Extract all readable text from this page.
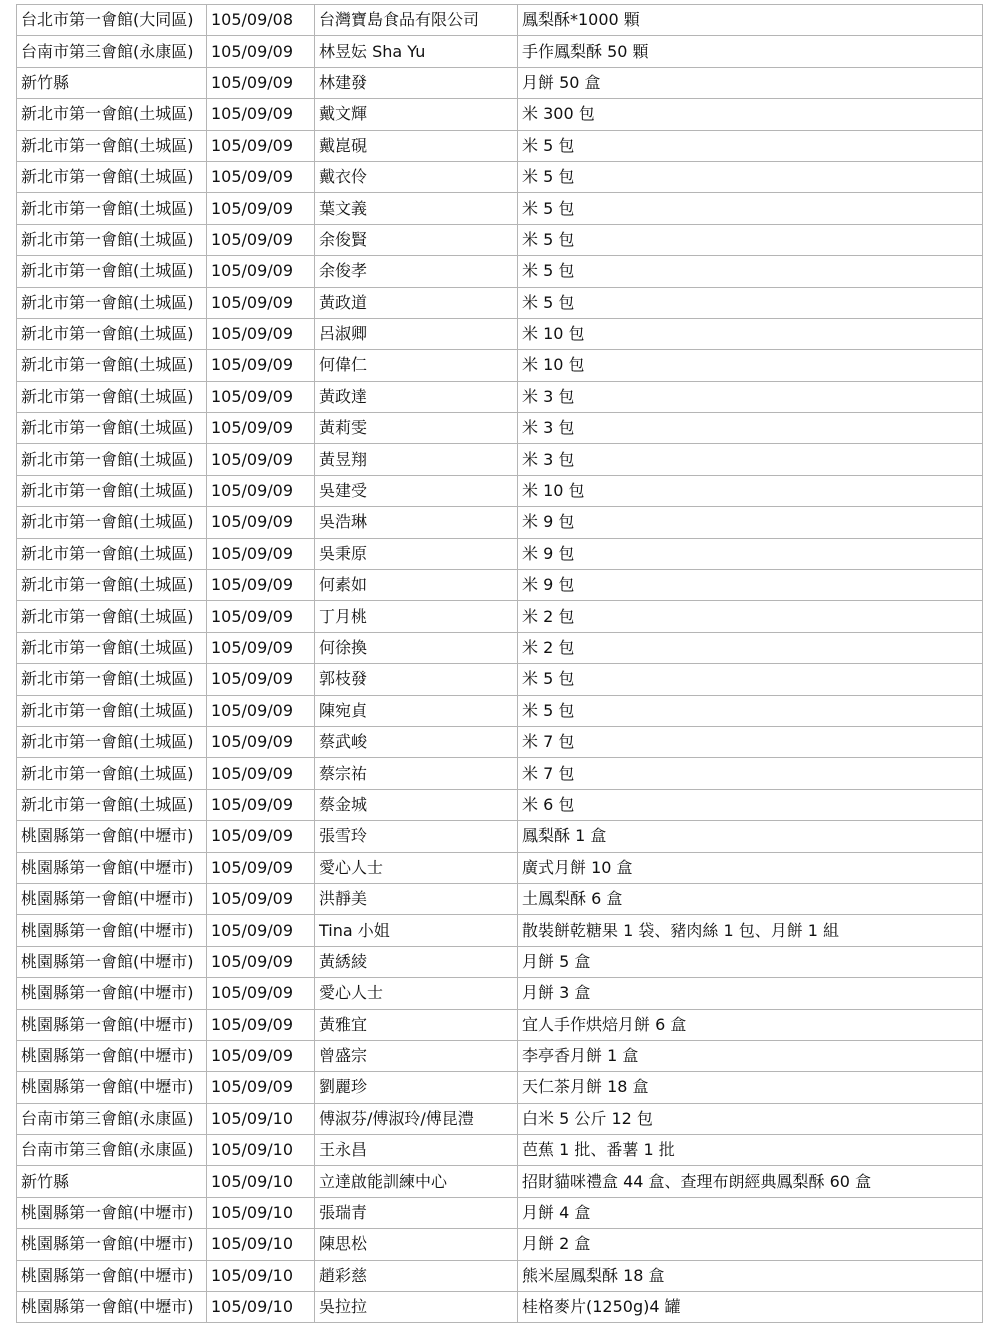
台北市第一會館(大同區)	105/09/08	台灣寶島食品有限公司	鳳梨酥*1000 顆
台南市第三會館(永康區)	105/09/09	林昱妘 Sha Yu	手作鳳梨酥 50 顆
新竹縣	105/09/09	林建發	月餅 50 盒
新北市第一會館(土城區)	105/09/09	戴文輝	米 300 包
新北市第一會館(土城區)	105/09/09	戴崑硯	米 5 包
新北市第一會館(土城區)	105/09/09	戴衣伶	米 5 包
新北市第一會館(土城區)	105/09/09	葉文義	米 5 包
新北市第一會館(土城區)	105/09/09	余俊賢	米 5 包
新北市第一會館(土城區)	105/09/09	余俊孝	米 5 包
新北市第一會館(土城區)	105/09/09	黃政道	米 5 包
新北市第一會館(土城區)	105/09/09	呂淑卿	米 10 包
新北市第一會館(土城區)	105/09/09	何偉仁	米 10 包
新北市第一會館(土城區)	105/09/09	黃政達	米 3 包
新北市第一會館(土城區)	105/09/09	黃莉雯	米 3 包
新北市第一會館(土城區)	105/09/09	黃昱翔	米 3 包
新北市第一會館(土城區)	105/09/09	吳建受	米 10 包
新北市第一會館(土城區)	105/09/09	吳浩琳	米 9 包
新北市第一會館(土城區)	105/09/09	吳秉原	米 9 包
新北市第一會館(土城區)	105/09/09	何素如	米 9 包
新北市第一會館(土城區)	105/09/09	丁月桃	米 2 包
新北市第一會館(土城區)	105/09/09	何徐換	米 2 包
新北市第一會館(土城區)	105/09/09	郭枝發	米 5 包
新北市第一會館(土城區)	105/09/09	陳宛貞	米 5 包
新北市第一會館(土城區)	105/09/09	蔡武峻	米 7 包
新北市第一會館(土城區)	105/09/09	蔡宗祐	米 7 包
新北市第一會館(土城區)	105/09/09	蔡金城	米 6 包
桃園縣第一會館(中壢市)	105/09/09	張雪玲	鳳梨酥 1 盒
桃園縣第一會館(中壢市)	105/09/09	愛心人士	廣式月餅 10 盒
桃園縣第一會館(中壢市)	105/09/09	洪靜美	土鳳梨酥 6 盒
桃園縣第一會館(中壢市)	105/09/09	Tina 小姐	散裝餅乾糖果 1 袋、豬肉絲 1 包、月餅 1 組
桃園縣第一會館(中壢市)	105/09/09	黃綉綾	月餅 5 盒
桃園縣第一會館(中壢市)	105/09/09	愛心人士	月餅 3 盒
桃園縣第一會館(中壢市)	105/09/09	黃雅宜	宜人手作烘焙月餅 6 盒
桃園縣第一會館(中壢市)	105/09/09	曾盛宗	李亭香月餅 1 盒
桃園縣第一會館(中壢市)	105/09/09	劉麗珍	天仁茶月餅 18 盒
台南市第三會館(永康區)	105/09/10	傅淑芬/傅淑玲/傅昆澧	白米 5 公斤 12 包
台南市第三會館(永康區)	105/09/10	王永昌	芭蕉 1 批、番薯 1 批
新竹縣	105/09/10	立達啟能訓練中心	招財貓咪禮盒 44 盒、查理布朗經典鳳梨酥 60 盒
桃園縣第一會館(中壢市)	105/09/10	張瑞青	月餅 4 盒
桃園縣第一會館(中壢市)	105/09/10	陳思松	月餅 2 盒
桃園縣第一會館(中壢市)	105/09/10	趙彩慈	熊米屋鳳梨酥 18 盒
桃園縣第一會館(中壢市)	105/09/10	吳拉拉	桂格麥片(1250g)4 罐
